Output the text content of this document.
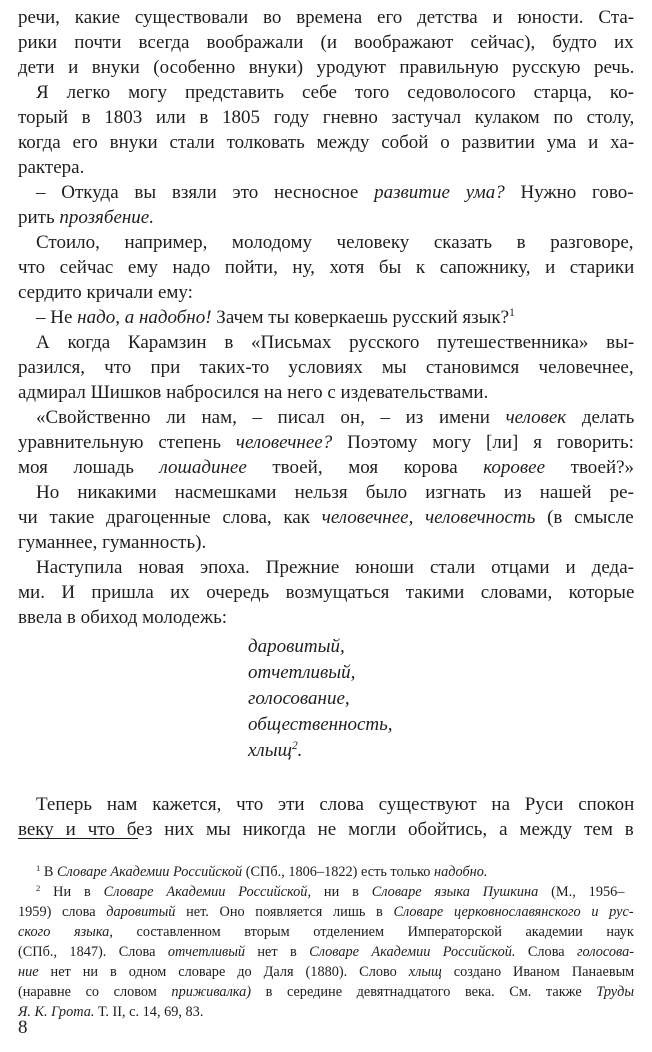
речи, какие существовали во времена его детства и юности. Ста-
рики почти всегда воображали (и воображают сейчас), будто их
дети и внуки (особенно внуки) уродуют правильную русскую речь.
Я легко могу представить себе того седоволосого старца, ко-
торый в 1803 или в 1805 году гневно застучал кулаком по столу,
когда его внуки стали толковать между собой о развитии ума и ха-
рактера.
– Откуда вы взяли это несносное развитие ума? Нужно гово-
рить прозябение.
Стоило, например, молодому человеку сказать в разговоре,
что сейчас ему надо пойти, ну, хотя бы к сапожнику, и старики
сердито кричали ему:
– Не надо, а надобно! Зачем ты коверкаешь русский язык?$^1$
А когда Карамзин в «Письмах русского путешественника» вы-
разился, что при таких-то условиях мы становимся человечнее,
адмирал Шишков набросился на него с издевательствами.
«Свойственно ли нам, – писал он, – из имени человек делать
уравнительную степень человечнее? Поэтому могу [ли] я говорить:
моя лошадь лошадинее твоей, моя корова коровее твоей?»
Но никакими насмешками нельзя было изгнать из нашей ре-
чи такие драгоценные слова, как человечнее, человечность (в смысле
гуманнее, гуманность).
Наступила новая эпоха. Прежние юноши стали отцами и деда-
ми. И пришла их очередь возмущаться такими словами, которые
ввела в обиход молодежь:
даровитый,
отчетливый,
голосование,
общественность,
хлыщ$^2$.
Теперь нам кажется, что эти слова существуют на Руси спокон
веку и что без них мы никогда не могли обойтись, а между тем в
$^1$ В Словаре Академии Российской (СПб., 1806–1822) есть только надобно.
$^2$ Ни в Словаре Академии Российской, ни в Словаре языка Пушкина (М., 1956–
1959) слова даровитый нет. Оно появляется лишь в Словаре церковнославянского и рус-
ского языка, составленном вторым отделением Императорской академии наук
(СПб., 1847). Слова отчетливый нет в Словаре Академии Российской. Слова голосова-
ние нет ни в одном словаре до Даля (1880). Слово хлыщ создано Иваном Панаевым
(наравне со словом приживалка) в середине девятнадцатого века. См. также Труды
Я. К. Грота. Т. II, с. 14, 69, 83.
8
